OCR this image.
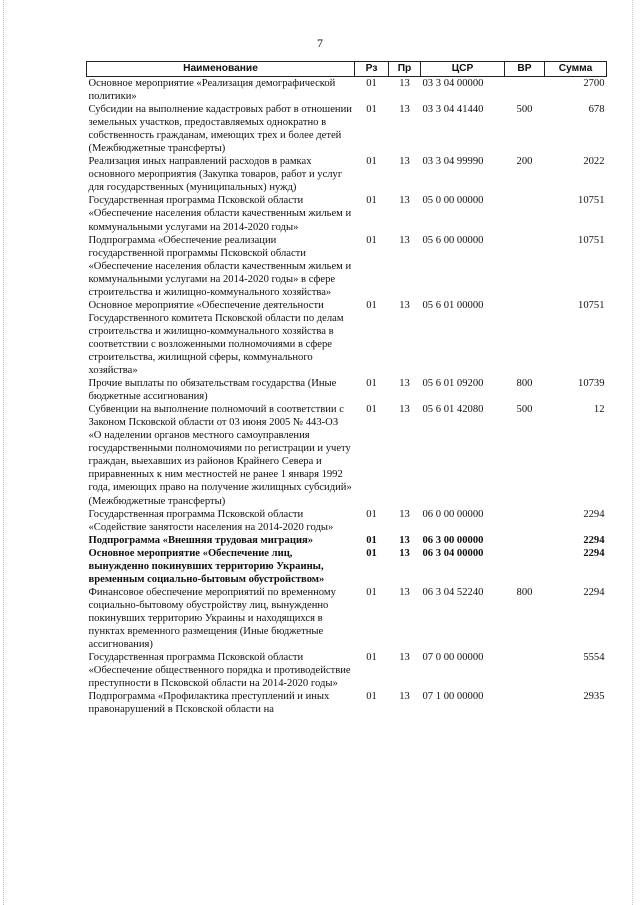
7
Наименование	Рз	Пр	ЦСР	ВР	Сумма
Основное мероприятие «Реализация демографической политики»	01	13	03 3 04 00000		2700
Субсидии на выполнение кадастровых работ в отношении земельных участков, предоставляемых однократно в собственность гражданам, имеющих трех и более детей (Межбюджетные трансферты)	01	13	03 3 04 41440	500	678
Реализация иных направлений расходов в рамках основного мероприятия (Закупка товаров, работ и услуг для государственных (муниципальных) нужд)	01	13	03 3 04 99990	200	2022
Государственная программа Псковской области «Обеспечение населения области качественным жильем и коммунальными услугами на 2014-2020 годы»	01	13	05 0 00 00000		10751
Подпрограмма «Обеспечение реализации государственной программы Псковской области «Обеспечение населения области качественным жильем и коммунальными услугами на 2014-2020 годы» в сфере строительства и жилищно-коммунального хозяйства»	01	13	05 6 00 00000		10751
Основное мероприятие «Обеспечение деятельности Государственного комитета Псковской области по делам строительства и жилищно-коммунального хозяйства в соответствии с возложенными полномочиями в сфере строительства, жилищной сферы, коммунального хозяйства»	01	13	05 6 01 00000		10751
Прочие выплаты по обязательствам государства (Иные бюджетные ассигнования)	01	13	05 6 01 09200	800	10739
Субвенции на выполнение полномочий в соответствии с Законом Псковской области от 03 июня 2005 № 443-ОЗ «О наделении органов местного самоуправления государственными полномочиями по регистрации и учету граждан, выехавших из районов Крайнего Севера и приравненных к ним местностей не ранее 1 января 1992 года, имеющих право на получение жилищных субсидий» (Межбюджетные трансферты)	01	13	05 6 01 42080	500	12
Государственная программа Псковской области «Содействие занятости населения на 2014-2020 годы»	01	13	06 0 00 00000		2294
Подпрограмма «Внешняя трудовая миграция»	01	13	06 3 00 00000		2294
Основное мероприятие «Обеспечение лиц, вынужденно покинувших территорию Украины, временным социально-бытовым обустройством»	01	13	06 3 04 00000		2294
Финансовое обеспечение мероприятий по временному социально-бытовому обустройству лиц, вынужденно покинувших территорию Украины и находящихся в пунктах временного размещения (Иные бюджетные ассигнования)	01	13	06 3 04 52240	800	2294
Государственная программа Псковской области «Обеспечение общественного порядка и противодействие преступности в Псковской области на 2014-2020 годы»	01	13	07 0 00 00000		5554
Подпрограмма «Профилактика преступлений и иных правонарушений в Псковской области на	01	13	07 1 00 00000		2935
